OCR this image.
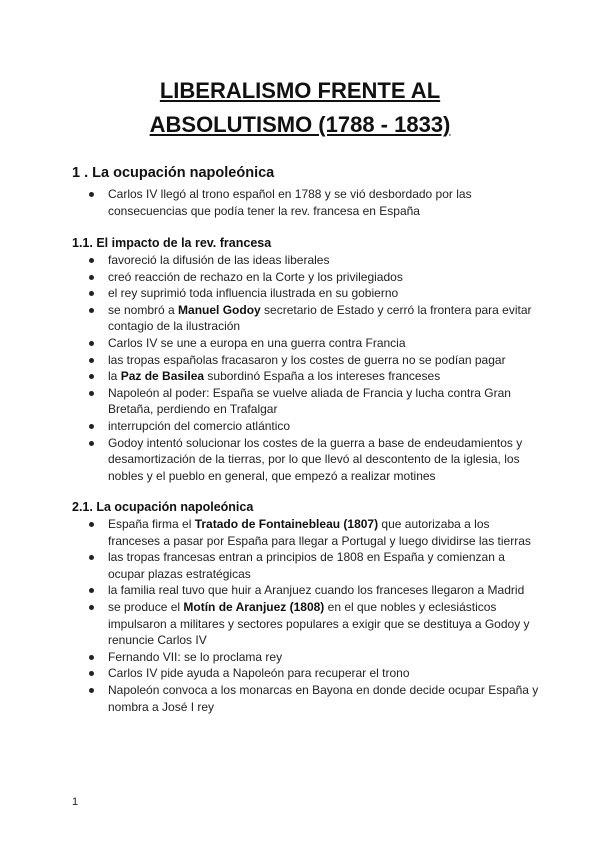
LIBERALISMO FRENTE AL
ABSOLUTISMO (1788 - 1833)
1 . La ocupación napoleónica
Carlos IV llegó al trono español en 1788 y se vió desbordado por las consecuencias que podía tener la rev. francesa en España
1.1. El impacto de la rev. francesa
favoreció la difusión de las ideas liberales
creó reacción de rechazo en la Corte y los privilegiados
el rey suprimió toda influencia ilustrada en su gobierno
se nombró a Manuel Godoy secretario de Estado y cerró la frontera para evitar contagio de la ilustración
Carlos IV se une a europa en una guerra contra Francia
las tropas españolas fracasaron y los costes de guerra no se podían pagar
la Paz de Basilea subordinó España a los intereses franceses
Napoleón al poder: España se vuelve aliada de Francia y lucha contra Gran Bretaña, perdiendo en Trafalgar
interrupción del comercio atlántico
Godoy intentó solucionar los costes de la guerra a base de endeudamientos y desamortización de la tierras, por lo que llevó al descontento de la iglesia, los nobles y el pueblo en general, que empezó a realizar motines
2.1. La ocupación napoleónica
España firma el Tratado de Fontainebleau (1807) que autorizaba a los franceses a pasar por España para llegar a Portugal y luego dividirse las tierras
las tropas francesas entran a principios de 1808 en España y comienzan a ocupar plazas estratégicas
la familia real tuvo que huir a Aranjuez cuando los franceses llegaron a Madrid
se produce el Motín de Aranjuez (1808) en el que nobles y eclesiásticos impulsaron a militares y sectores populares a exigir que se destituya a Godoy y renuncie Carlos IV
Fernando VII: se lo proclama rey
Carlos IV pide ayuda a Napoleón para recuperar el trono
Napoleón convoca a los monarcas en Bayona en donde decide ocupar España y nombra a José I rey
1
